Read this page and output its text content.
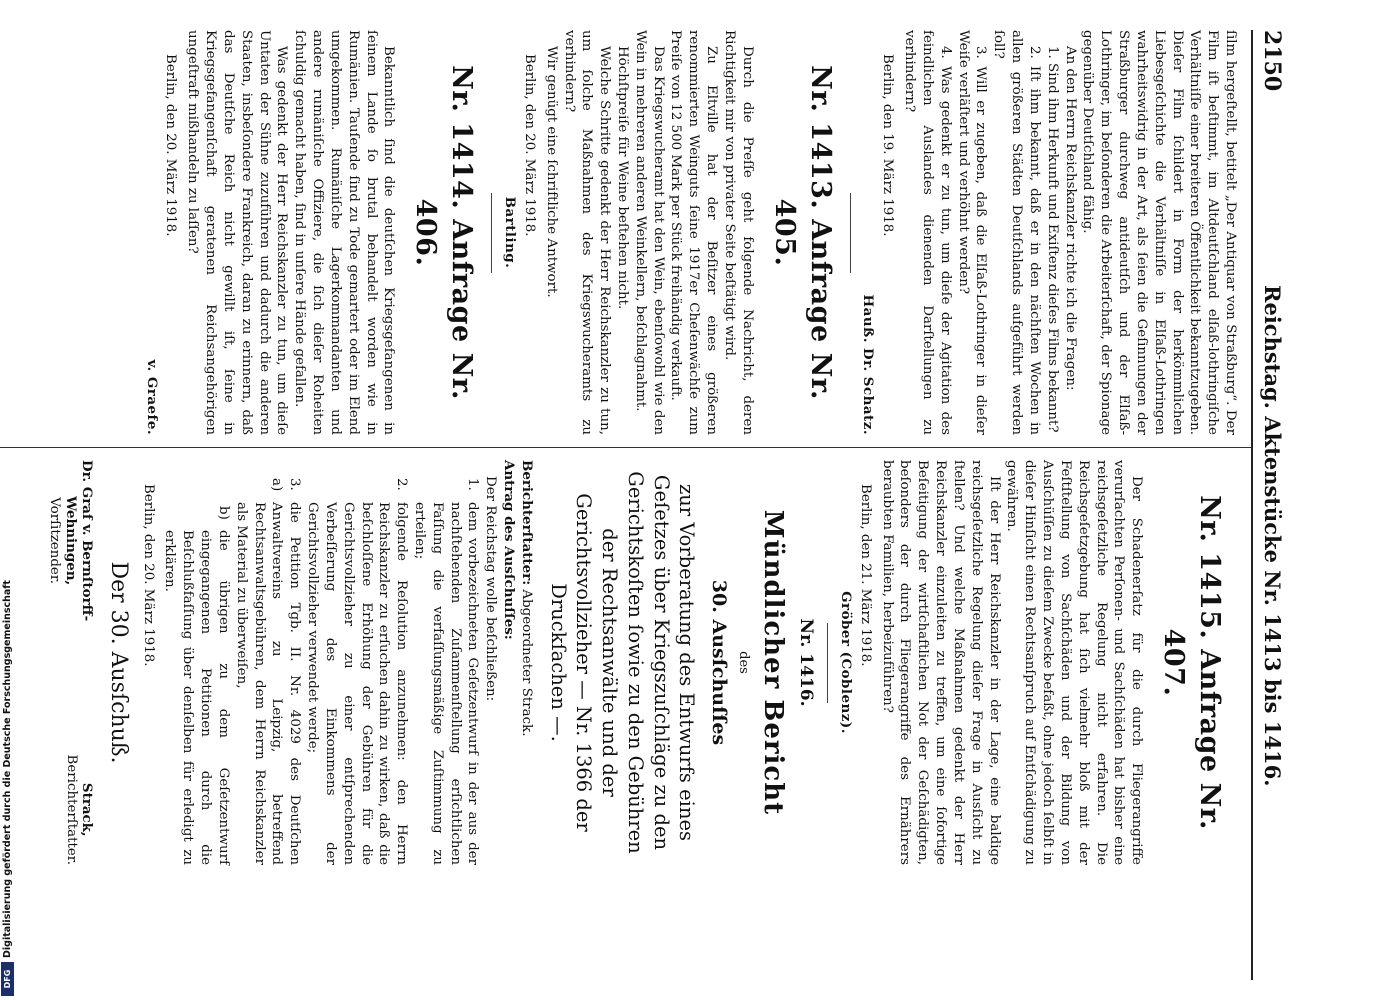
2150
Reichstag. Aktenstücke Nr. 1413 bis 1416.

ſilm hergeſtellt, betitelt „Der Antiquar von Straßburg“. Der Film iſt beſtimmt, im Altdeutſchland elſaß-lothringiſche Verhältniſſe einer breiteren Öffentlichkeit bekanntzugeben. Dieſer Film ſchildert in Form der herkömmlichen Liebesgeſchichte die Verhältniſſe in Elſaß-Lothringen wahrheitswidrig in der Art, als ſeien die Geſinnungen der Straßburger durchweg antideutſch und der Elſaß-Lothringer, im beſonderen die Arbeiterſchaft, der Spionage gegenüber Deutſchland fähig.

An den Herrn Reichskanzler richte ich die Fragen:

1. Sind ihm Herkunft und Exiſtenz dieſes Films bekannt?

2. Iſt ihm bekannt, daß er in den nächſten Wochen in allen größeren Städten Deutſchlands aufgeführt werden ſoll?

3. Will er zugeben, daß die Elſaß-Lothringer in dieſer Weiſe verläſtert und verhöhnt werden?

4. Was gedenkt er zu tun, um dieſe der Agitation des feindlichen Auslandes dienenden Darſtellungen zu verhindern?

Berlin, den 19. März 1918.

Hauß. Dr. Schatz.
Nr. 1413. Anfrage Nr. 405.

Durch die Preſſe geht folgende Nachricht, deren Richtigkeit mir von privater Seite beſtätigt wird.

Zu Eltville hat der Beſitzer eines größeren renommierten Weinguts ſeine 1917er Cheſenwächſe zum Preiſe von 12 500 Mark per Stück freihändig verkauft.

Das Kriegswucheramt hat den Wein, ebenſowohl wie den Wein in mehreren anderen Weinkellern, beſchlagnahmt.

Höchſtpreiſe für Weine beſtehen nicht.

Welche Schritte gedenkt der Herr Reichskanzler zu tun, um ſolche Maßnahmen des Kriegswucheramts zu verhindern?

Wir genügt eine ſchriftliche Antwort.

Berlin, den 20. März 1918.

Bartling.
Nr. 1414. Anfrage Nr. 406.

Bekanntlich ſind die deutſchen Kriegsgefangenen in ſeinem Lande ſo brutal behandelt worden wie in Rumänien. Tauſende ſind zu Tode gemartert oder im Elend umgekommen. Rumäniſche Lagerkommandanten und andere rumäniſche Offiziere, die ſich dieſer Roheiten ſchuldig gemacht haben, ſind in unſere Hände gefallen.

Was gedenkt der Herr Reichskanzler zu tun, um dieſe Untaten der Sühne zuzuführen und dadurch die anderen Staaten, insbeſondere Frankreich, daran zu erinnern, daß das Deutſche Reich nicht gewillt iſt, ſeine in Kriegsgefangenſchaft geratenen Reichsangehörigen ungeſtraft mißhandeln zu laſſen?

Berlin, den 20. März 1918.

v. Graefe.
Nr. 1415. Anfrage Nr. 407.

Der Schadenerſatz für die durch Fliegerangriffe verurſachten Perſonen- und Sachſchäden hat bisher eine reichsgeſetzliche Regelung nicht erfahren. Die Reichsgeſetzgebung hat ſich vielmehr bloß mit der Feſtſtellung von Sachſchäden und der Bildung von Ausſchüſſen zu dieſem Zwecke befaßt, ohne jedoch ſelbſt in dieſer Hinſicht einen Rechtsanſpruch auf Entſchädigung zu gewähren.

Iſt der Herr Reichskanzler in der Lage, eine baldige reichsgeſetzliche Regelung dieſer Frage in Ausſicht zu ſtellen? Und welche Maßnahmen gedenkt der Herr Reichskanzler einzuleiten zu treffen, um eine ſofortige Beſeitigung der wirtſchaftlichen Not der Geſchädigten, beſonders der durch Fliegerangriffe des Ernährers beraubten Familien, herbeizuführen?

Berlin, den 21. März 1918.

Gröber (Coblenz).
Nr. 1416.
Mündlicher Bericht
des
30. Ausſchuſſes
zur Vorberatung des Entwurfs eines Geſetzes über Kriegszuſchläge zu den Gerichtskoſten ſowie zu den Gebühren der Rechtsanwälte und der Gerichtsvollzieher — Nr. 1366 der Druckſachen —.

Berichterſtatter: Abgeordneter Strack.

Antrag des Ausſchuſſes:

Der Reichstag wolle beſchließen:

1.
dem vorbezeichneten Geſetzentwurf in der aus der nachſtehenden Zuſammenſtellung erſichtlichen Faſſung die verfaſſungsmäßige Zuſtimmung zu erteilen;
2.
folgende Reſolution anzunehmen: den Herrn Reichskanzler zu erſuchen dahin zu wirken, daß die beſchloſſene Erhöhung der Gebühren für die Gerichtsvollzieher zu einer entſprechenden Verbeſſerung des Einkommens der Gerichtsvollzieher verwendet werde;
3. a)
die Petition Tgb. II. Nr. 4029 des Deutſchen Anwaltvereins zu Leipzig, betreffend Rechtsanwaltsgebühren, dem Herrn Reichskanzler als Material zu überweiſen,
b)
die übrigen zu dem Geſetzentwurf eingegangenen Petitionen durch die Beſchlußfaſſung über denſelben für erledigt zu erklären.

Berlin, den 20. März 1918.

Der 30. Ausſchuß.
Dr. Graf v. Bernſtorff-
Wehningen,
Vorſitzender.
Strack,
Berichterſtatter.
Digitalisierung gefördert durch die Deutsche Forschungsgemeinschaft
DFG
